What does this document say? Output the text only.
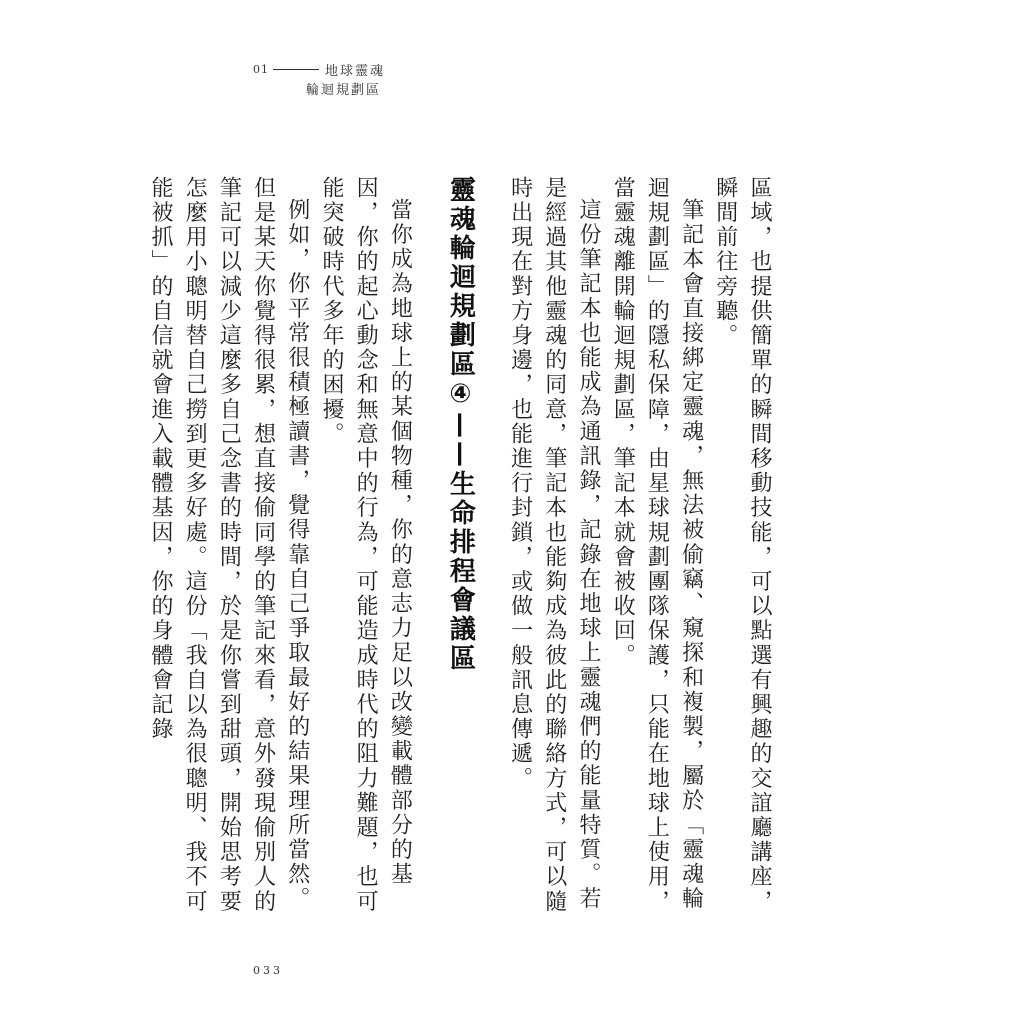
01	地球靈魂
輪迴規劃區

區域，也提供簡單的瞬間移動技能，可以點選有興趣的交誼廳講座，瞬間前往旁聽。

筆記本會直接綁定靈魂，無法被偷竊、窺探和複製，屬於「靈魂輪迴規劃區」的隱私保障，由星球規劃團隊保護，只能在地球上使用，當靈魂離開輪迴規劃區，筆記本就會被收回。

這份筆記本也能成為通訊錄，記錄在地球上靈魂們的能量特質。若是經過其他靈魂的同意，筆記本也能夠成為彼此的聯絡方式，可以隨時出現在對方身邊，也能進行封鎖，或做一般訊息傳遞。

靈魂輪迴規劃區④——生命排程會議區

當你成為地球上的某個物種，你的意志力足以改變載體部分的基因，你的起心動念和無意中的行為，可能造成時代的阻力難題，也可能突破時代多年的困擾。

例如，你平常很積極讀書，覺得靠自己爭取最好的結果理所當然。但是某天你覺得很累，想直接偷同學的筆記來看，意外發現偷別人的筆記可以減少這麼多自己念書的時間，於是你嘗到甜頭，開始思考要怎麼用小聰明替自己撈到更多好處。這份「我自以為很聰明、我不可能被抓」的自信就會進入載體基因，你的身體會記錄

033
